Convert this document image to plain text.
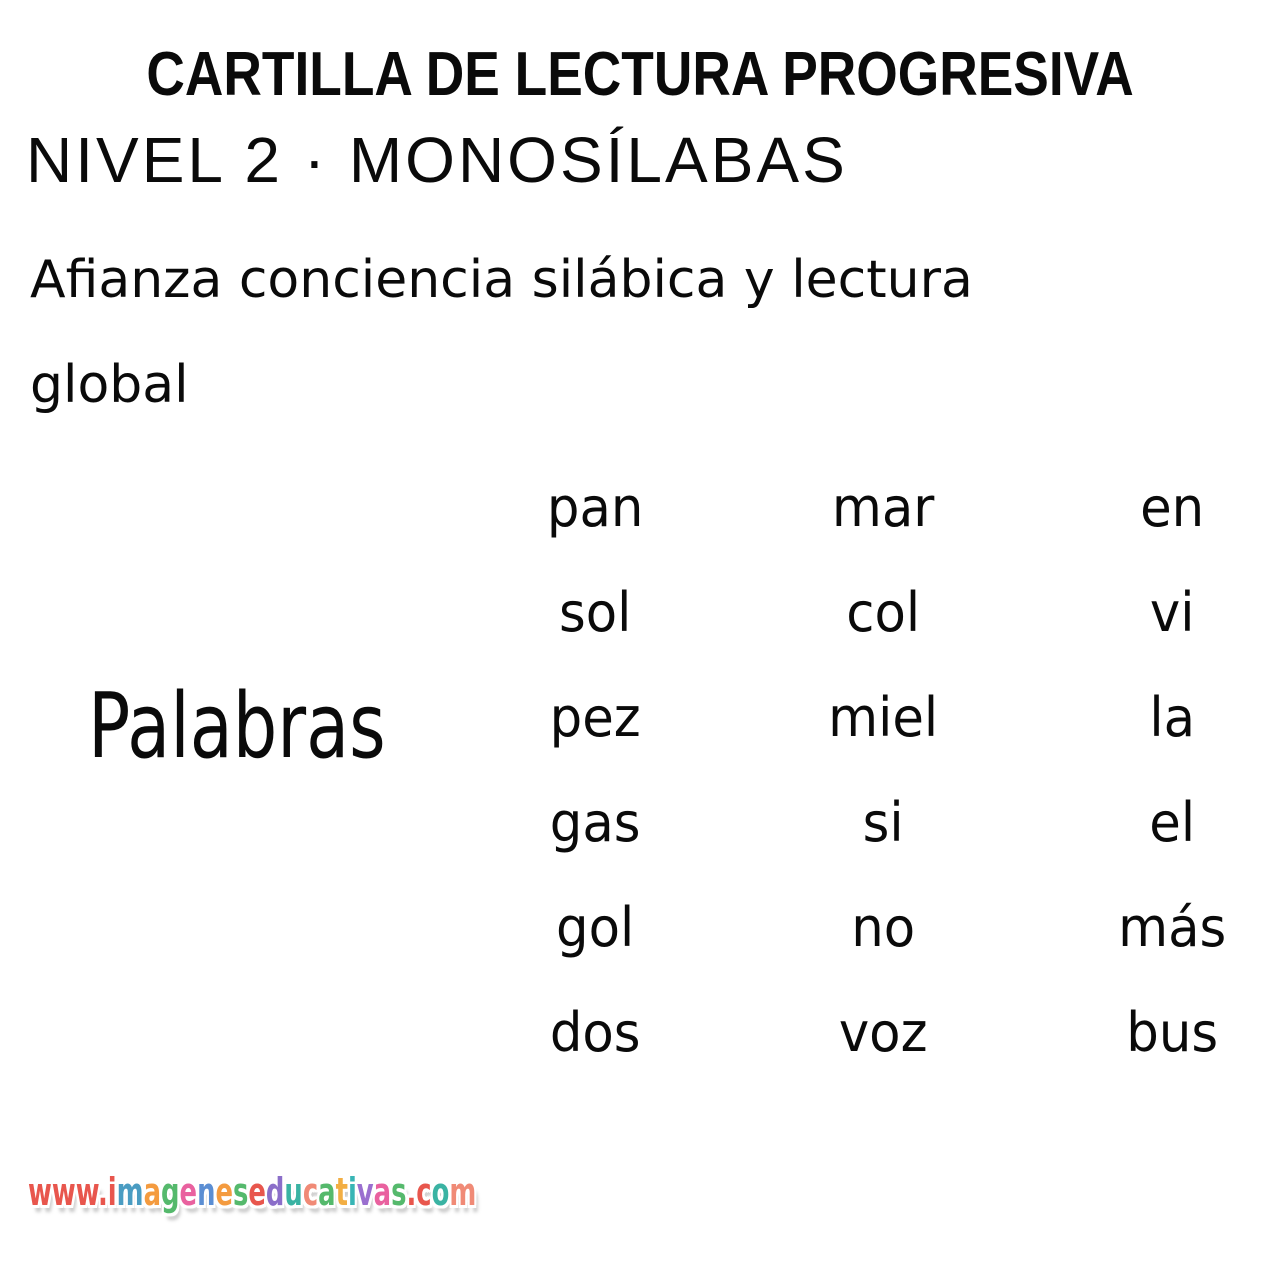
CARTILLA DE LECTURA PROGRESIVA
NIVEL 2 · MONOSÍLABAS
Afianza conciencia silábica y lectura
global
Palabras
pan	mar	en
sol	col	vi
pez	miel	la
gas	si	el
gol	no	más
dos	voz	bus
www.imageneseducativas.com
